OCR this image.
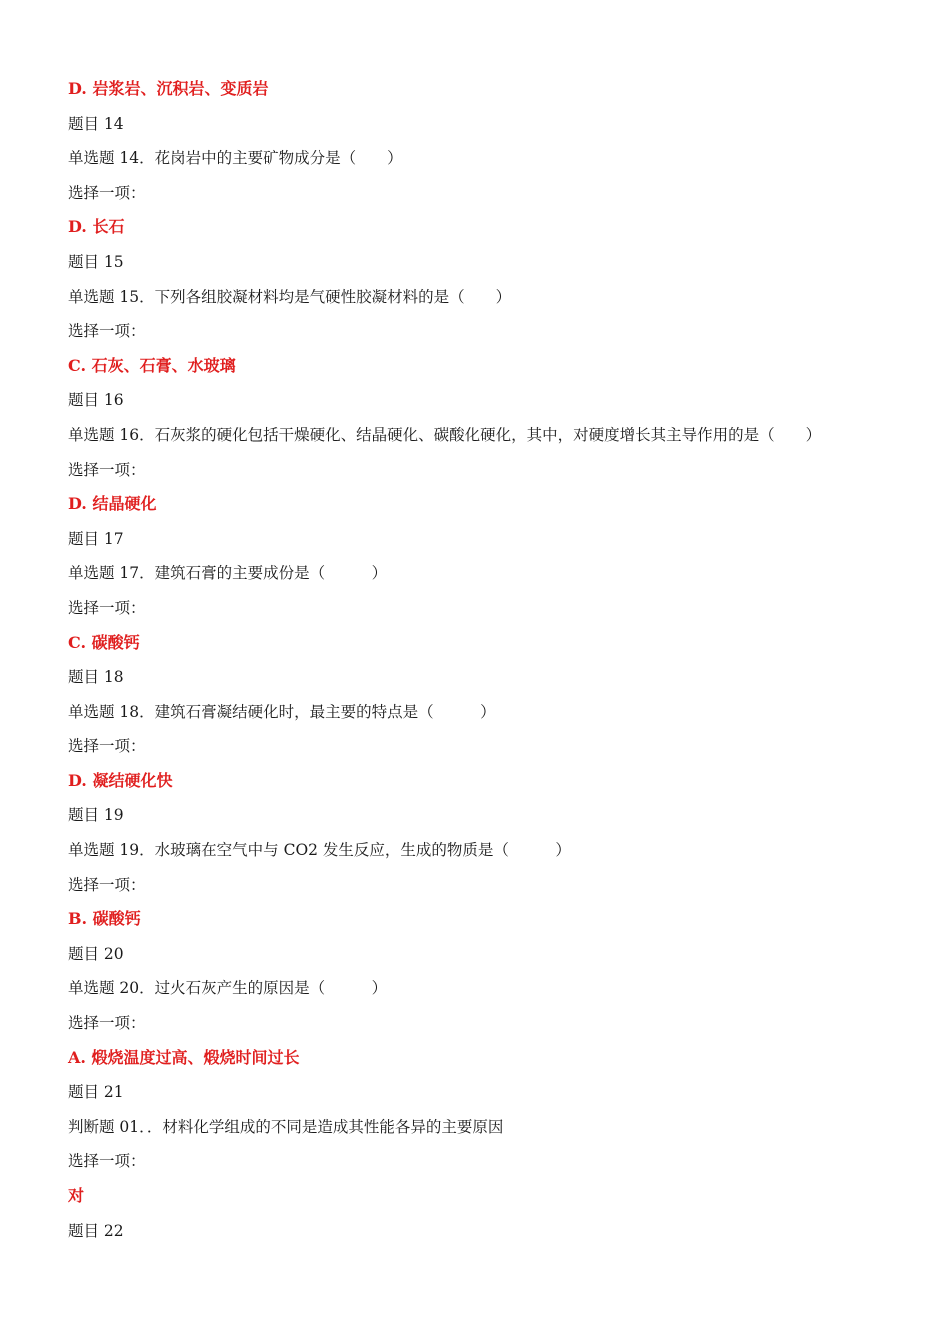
D. 岩浆岩、沉积岩、变质岩
题目 14
单选题 14．花岗岩中的主要矿物成分是（　　）
选择一项：
D. 长石
题目 15
单选题 15．下列各组胶凝材料均是气硬性胶凝材料的是（　　）
选择一项：
C. 石灰、石膏、水玻璃
题目 16
单选题 16．石灰浆的硬化包括干燥硬化、结晶硬化、碳酸化硬化，其中，对硬度增长其主导作用的是（　　）
选择一项：
D. 结晶硬化
题目 17
单选题 17．建筑石膏的主要成份是（　　　）
选择一项：
C. 碳酸钙
题目 18
单选题 18．建筑石膏凝结硬化时，最主要的特点是（　　　）
选择一项：
D. 凝结硬化快
题目 19
单选题 19．水玻璃在空气中与 CO2 发生反应，生成的物质是（　　　）
选择一项：
B. 碳酸钙
题目 20
单选题 20．过火石灰产生的原因是（　　　）
选择一项：
A. 煅烧温度过高、煅烧时间过长
题目 21
判断题 01．．材料化学组成的不同是造成其性能各异的主要原因
选择一项：
对
题目 22
